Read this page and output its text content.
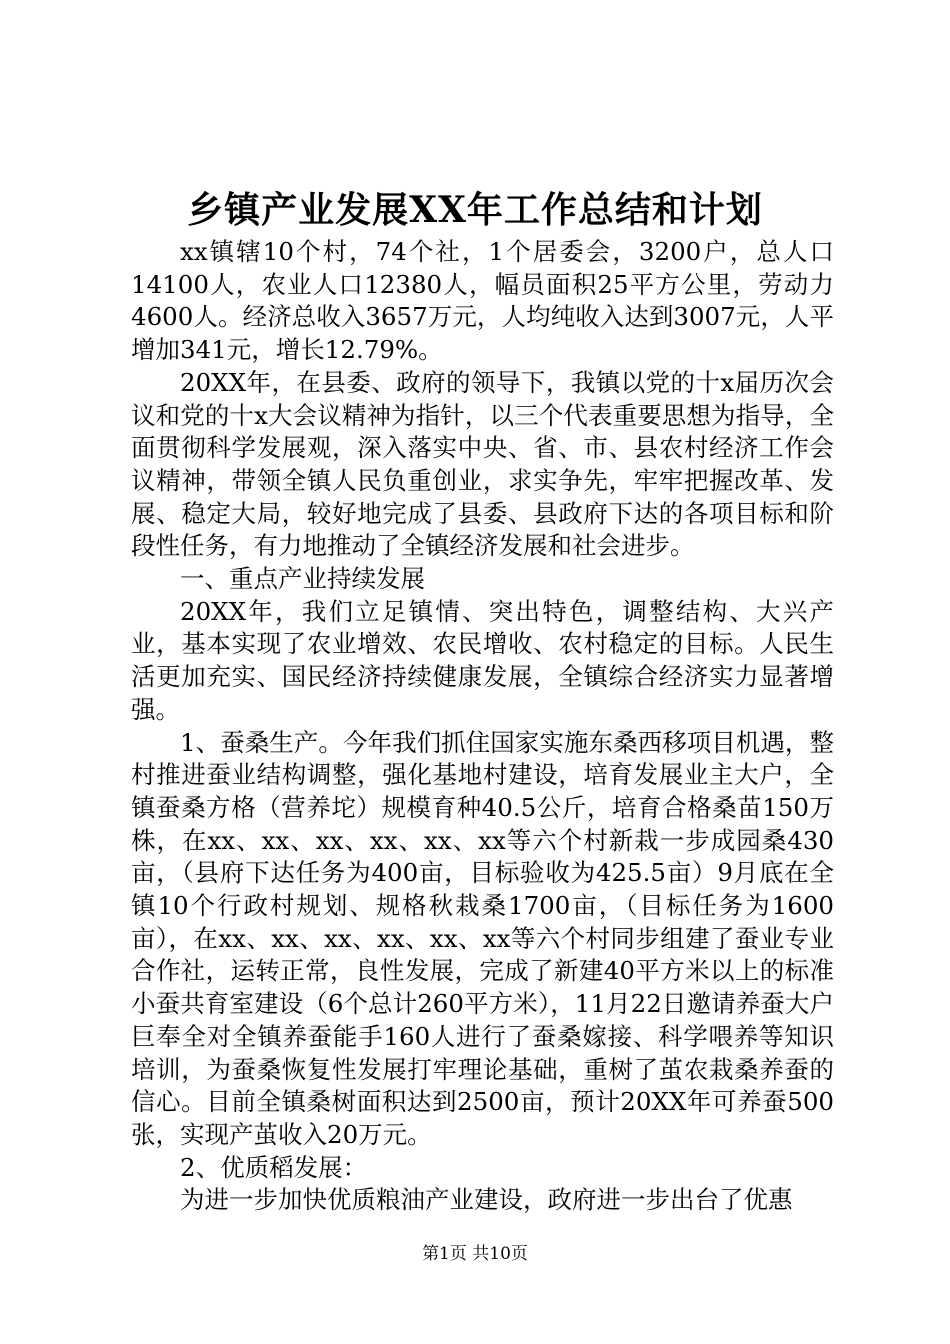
乡镇产业发展XX年工作总结和计划

xx镇辖10个村，74个社，1个居委会，3200户，总人口14100人，农业人口12380人，幅员面积25平方公里，劳动力4600人。经济总收入3657万元，人均纯收入达到3007元，人平增加341元，增长12.79%。

20XX年，在县委、政府的领导下，我镇以党的十x届历次会议和党的十x大会议精神为指针，以三个代表重要思想为指导，全面贯彻科学发展观，深入落实中央、省、市、县农村经济工作会议精神，带领全镇人民负重创业，求实争先，牢牢把握改革、发展、稳定大局，较好地完成了县委、县政府下达的各项目标和阶段性任务，有力地推动了全镇经济发展和社会进步。

一、重点产业持续发展

20XX年，我们立足镇情、突出特色，调整结构、大兴产业，基本实现了农业增效、农民增收、农村稳定的目标。人民生活更加充实、国民经济持续健康发展，全镇综合经济实力显著增强。

1、蚕桑生产。今年我们抓住国家实施东桑西移项目机遇，整村推进蚕业结构调整，强化基地村建设，培育发展业主大户，全镇蚕桑方格（营养坨）规模育种40.5公斤，培育合格桑苗150万株，在xx、xx、xx、xx、xx、xx等六个村新栽一步成园桑430亩，（县府下达任务为400亩，目标验收为425.5亩）9月底在全镇10个行政村规划、规格秋栽桑1700亩，（目标任务为1600亩），在xx、xx、xx、xx、xx、xx等六个村同步组建了蚕业专业合作社，运转正常，良性发展，完成了新建40平方米以上的标准小蚕共育室建设（6个总计260平方米），11月22日邀请养蚕大户巨奉全对全镇养蚕能手160人进行了蚕桑嫁接、科学喂养等知识培训，为蚕桑恢复性发展打牢理论基础，重树了茧农栽桑养蚕的信心。目前全镇桑树面积达到2500亩，预计20XX年可养蚕500张，实现产茧收入20万元。

2、优质稻发展：

为进一步加快优质粮油产业建设，政府进一步出台了优惠

第1页 共10页
